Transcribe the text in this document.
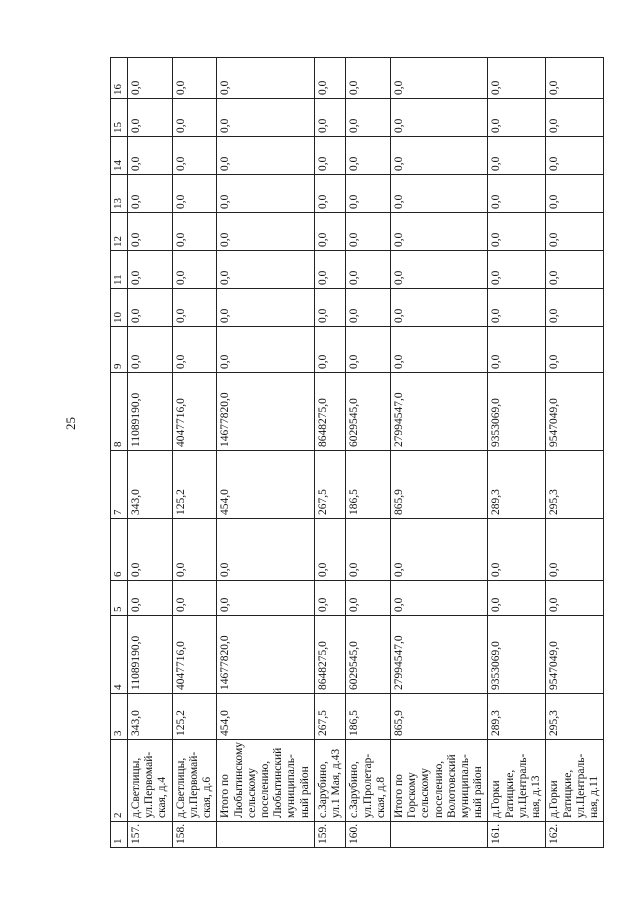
25
1	2	3	4	5	6	7	8	9	10	11	12	13	14	15	16
157.	д.Светлицы, ул.Первомай-ская, д.4	343,0	11089190,0	0,0	0,0	343,0	11089190,0	0,0	0,0	0,0	0,0	0,0	0,0	0,0	0,0
158.	д.Светлицы, ул.Первомай-ская, д.6	125,2	4047716,0	0,0	0,0	125,2	4047716,0	0,0	0,0	0,0	0,0	0,0	0,0	0,0	0,0
	Итого по Любытинскому сельскому поселению, Любытинский муниципаль-ный район	454,0	14677820,0	0,0	0,0	454,0	14677820,0	0,0	0,0	0,0	0,0	0,0	0,0	0,0	0,0
159.	с.Зарубино, ул.1 Мая, д.43	267,5	8648275,0	0,0	0,0	267,5	8648275,0	0,0	0,0	0,0	0,0	0,0	0,0	0,0	0,0
160.	с.Зарубино, ул.Пролетар-ская, д.8	186,5	6029545,0	0,0	0,0	186,5	6029545,0	0,0	0,0	0,0	0,0	0,0	0,0	0,0	0,0
	Итого по Горскому сельскому поселению, Волотовский муниципаль-ный район	865,9	27994547,0	0,0	0,0	865,9	27994547,0	0,0	0,0	0,0	0,0	0,0	0,0	0,0	0,0
161.	д.Горки Ратицкие, ул.Централь-ная, д.13	289,3	9353069,0	0,0	0,0	289,3	9353069,0	0,0	0,0	0,0	0,0	0,0	0,0	0,0	0,0
162.	д.Горки Ратицкие, ул.Централь-ная, д.11	295,3	9547049,0	0,0	0,0	295,3	9547049,0	0,0	0,0	0,0	0,0	0,0	0,0	0,0	0,0
